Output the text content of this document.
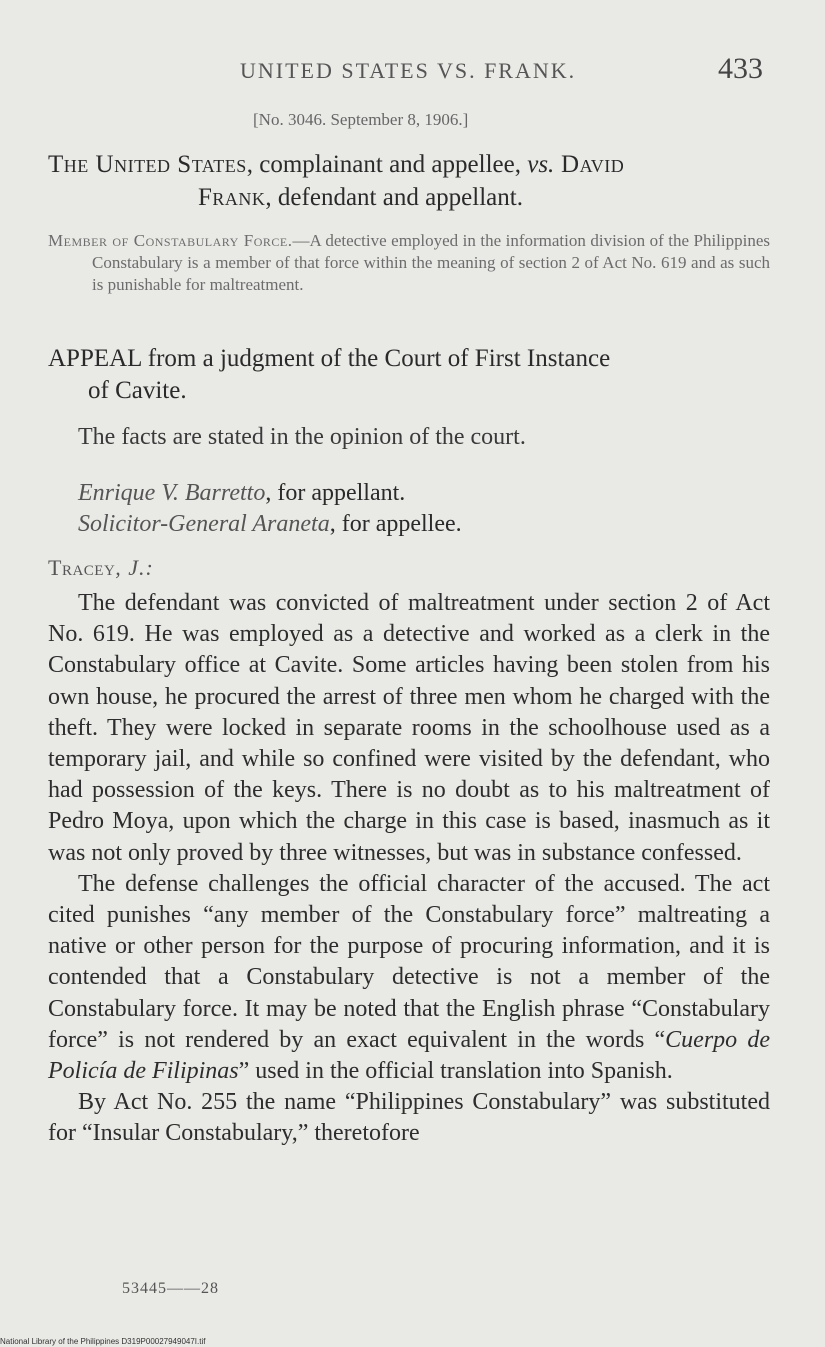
UNITED STATES VS. FRANK.	433
[No. 3046. September 8, 1906.]
The United States, complainant and appellee, vs. David
Frank, defendant and appellant.
Member of Constabulary Force.—A detective employed in the information division of the Philippines Constabulary is a member of that force within the meaning of section 2 of Act No. 619 and as such is punishable for maltreatment.
APPEAL from a judgment of the Court of First Instance
of Cavite.
The facts are stated in the opinion of the court.
Enrique V. Barretto, for appellant.
Solicitor-General Araneta, for appellee.
Tracey, J.:

The defendant was convicted of maltreatment under section 2 of Act No. 619. He was employed as a detective and worked as a clerk in the Constabulary office at Cavite. Some articles having been stolen from his own house, he procured the arrest of three men whom he charged with the theft. They were locked in separate rooms in the schoolhouse used as a temporary jail, and while so confined were visited by the defendant, who had possession of the keys. There is no doubt as to his maltreatment of Pedro Moya, upon which the charge in this case is based, inasmuch as it was not only proved by three witnesses, but was in substance confessed.

The defense challenges the official character of the accused. The act cited punishes “any member of the Constabulary force” maltreating a native or other person for the purpose of procuring information, and it is contended that a Constabulary detective is not a member of the Constabulary force. It may be noted that the English phrase “Constabulary force” is not rendered by an exact equivalent in the words “Cuerpo de Policía de Filipinas” used in the official translation into Spanish.

By Act No. 255 the name “Philippines Constabulary” was substituted for “Insular Constabulary,” theretofore

53445——28
National Library of the Philippines D319P00027949047I.tif
